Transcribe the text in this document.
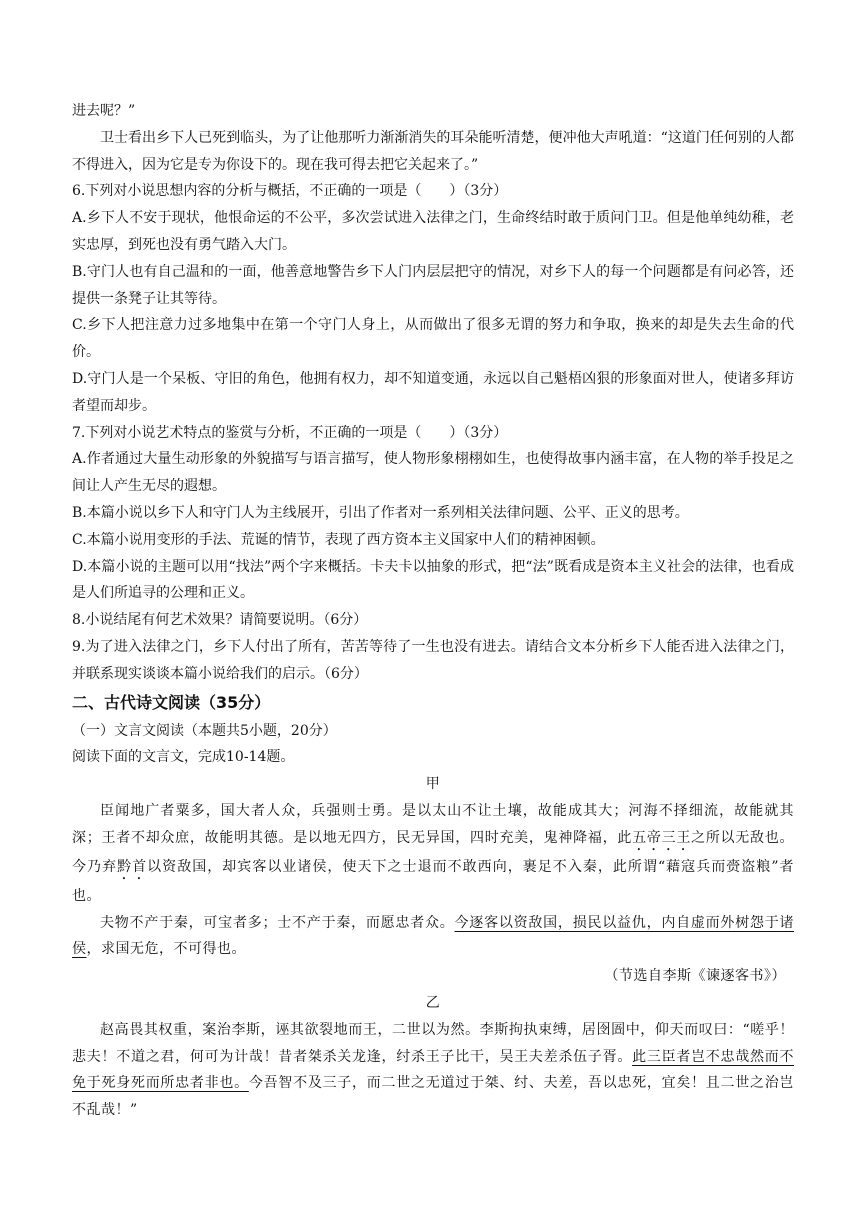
进去呢？”

卫士看出乡下人已死到临头，为了让他那听力渐渐消失的耳朵能听清楚，便冲他大声吼道：“这道门任何别的人都不得进入，因为它是专为你设下的。现在我可得去把它关起来了。”

6.下列对小说思想内容的分析与概括，不正确的一项是（　　）（3分）

A.乡下人不安于现状，他恨命运的不公平，多次尝试进入法律之门，生命终结时敢于质问门卫。但是他单纯幼稚，老实忠厚，到死也没有勇气踏入大门。

B.守门人也有自己温和的一面，他善意地警告乡下人门内层层把守的情况，对乡下人的每一个问题都是有问必答，还提供一条凳子让其等待。

C.乡下人把注意力过多地集中在第一个守门人身上，从而做出了很多无谓的努力和争取，换来的却是失去生命的代价。

D.守门人是一个呆板、守旧的角色，他拥有权力，却不知道变通，永远以自己魁梧凶狠的形象面对世人，使诸多拜访者望而却步。

7.下列对小说艺术特点的鉴赏与分析，不正确的一项是（　　）（3分）

A.作者通过大量生动形象的外貌描写与语言描写，使人物形象栩栩如生，也使得故事内涵丰富，在人物的举手投足之间让人产生无尽的遐想。

B.本篇小说以乡下人和守门人为主线展开，引出了作者对一系列相关法律问题、公平、正义的思考。

C.本篇小说用变形的手法、荒诞的情节，表现了西方资本主义国家中人们的精神困顿。

D.本篇小说的主题可以用“找法”两个字来概括。卡夫卡以抽象的形式，把“法”既看成是资本主义社会的法律，也看成是人们所追寻的公理和正义。

8.小说结尾有何艺术效果？请简要说明。（6分）

9.为了进入法律之门，乡下人付出了所有，苦苦等待了一生也没有进去。请结合文本分析乡下人能否进入法律之门，并联系现实谈谈本篇小说给我们的启示。（6分）

二、古代诗文阅读（35分）

（一）文言文阅读（本题共5小题，20分）

阅读下面的文言文，完成10-14题。

甲

臣闻地广者粟多，国大者人众，兵强则士勇。是以太山不让土壤，故能成其大；河海不择细流，故能就其深；王者不却众庶，故能明其德。是以地无四方，民无异国，四时充美，鬼神降福，此五帝三王之所以无敌也。今乃弃黔首以资敌国，却宾客以业诸侯，使天下之士退而不敢西向，裹足不入秦，此所谓“藉寇兵而赍盗粮”者也。

夫物不产于秦，可宝者多；士不产于秦，而愿忠者众。今逐客以资敌国，损民以益仇，内自虚而外树怨于诸侯，求国无危，不可得也。

（节选自李斯《谏逐客书》）

乙

赵高畏其权重，案治李斯，诬其欲裂地而王，二世以为然。李斯拘执束缚，居囹圄中，仰天而叹曰：“嗟乎！悲夫！不道之君，何可为计哉！昔者桀杀关龙逢，纣杀王子比干，吴王夫差杀伍子胥。此三臣者岂不忠哉然而不免于死身死而所忠者非也。今吾智不及三子，而二世之无道过于桀、纣、夫差，吾以忠死，宜矣！且二世之治岂不乱哉！”
